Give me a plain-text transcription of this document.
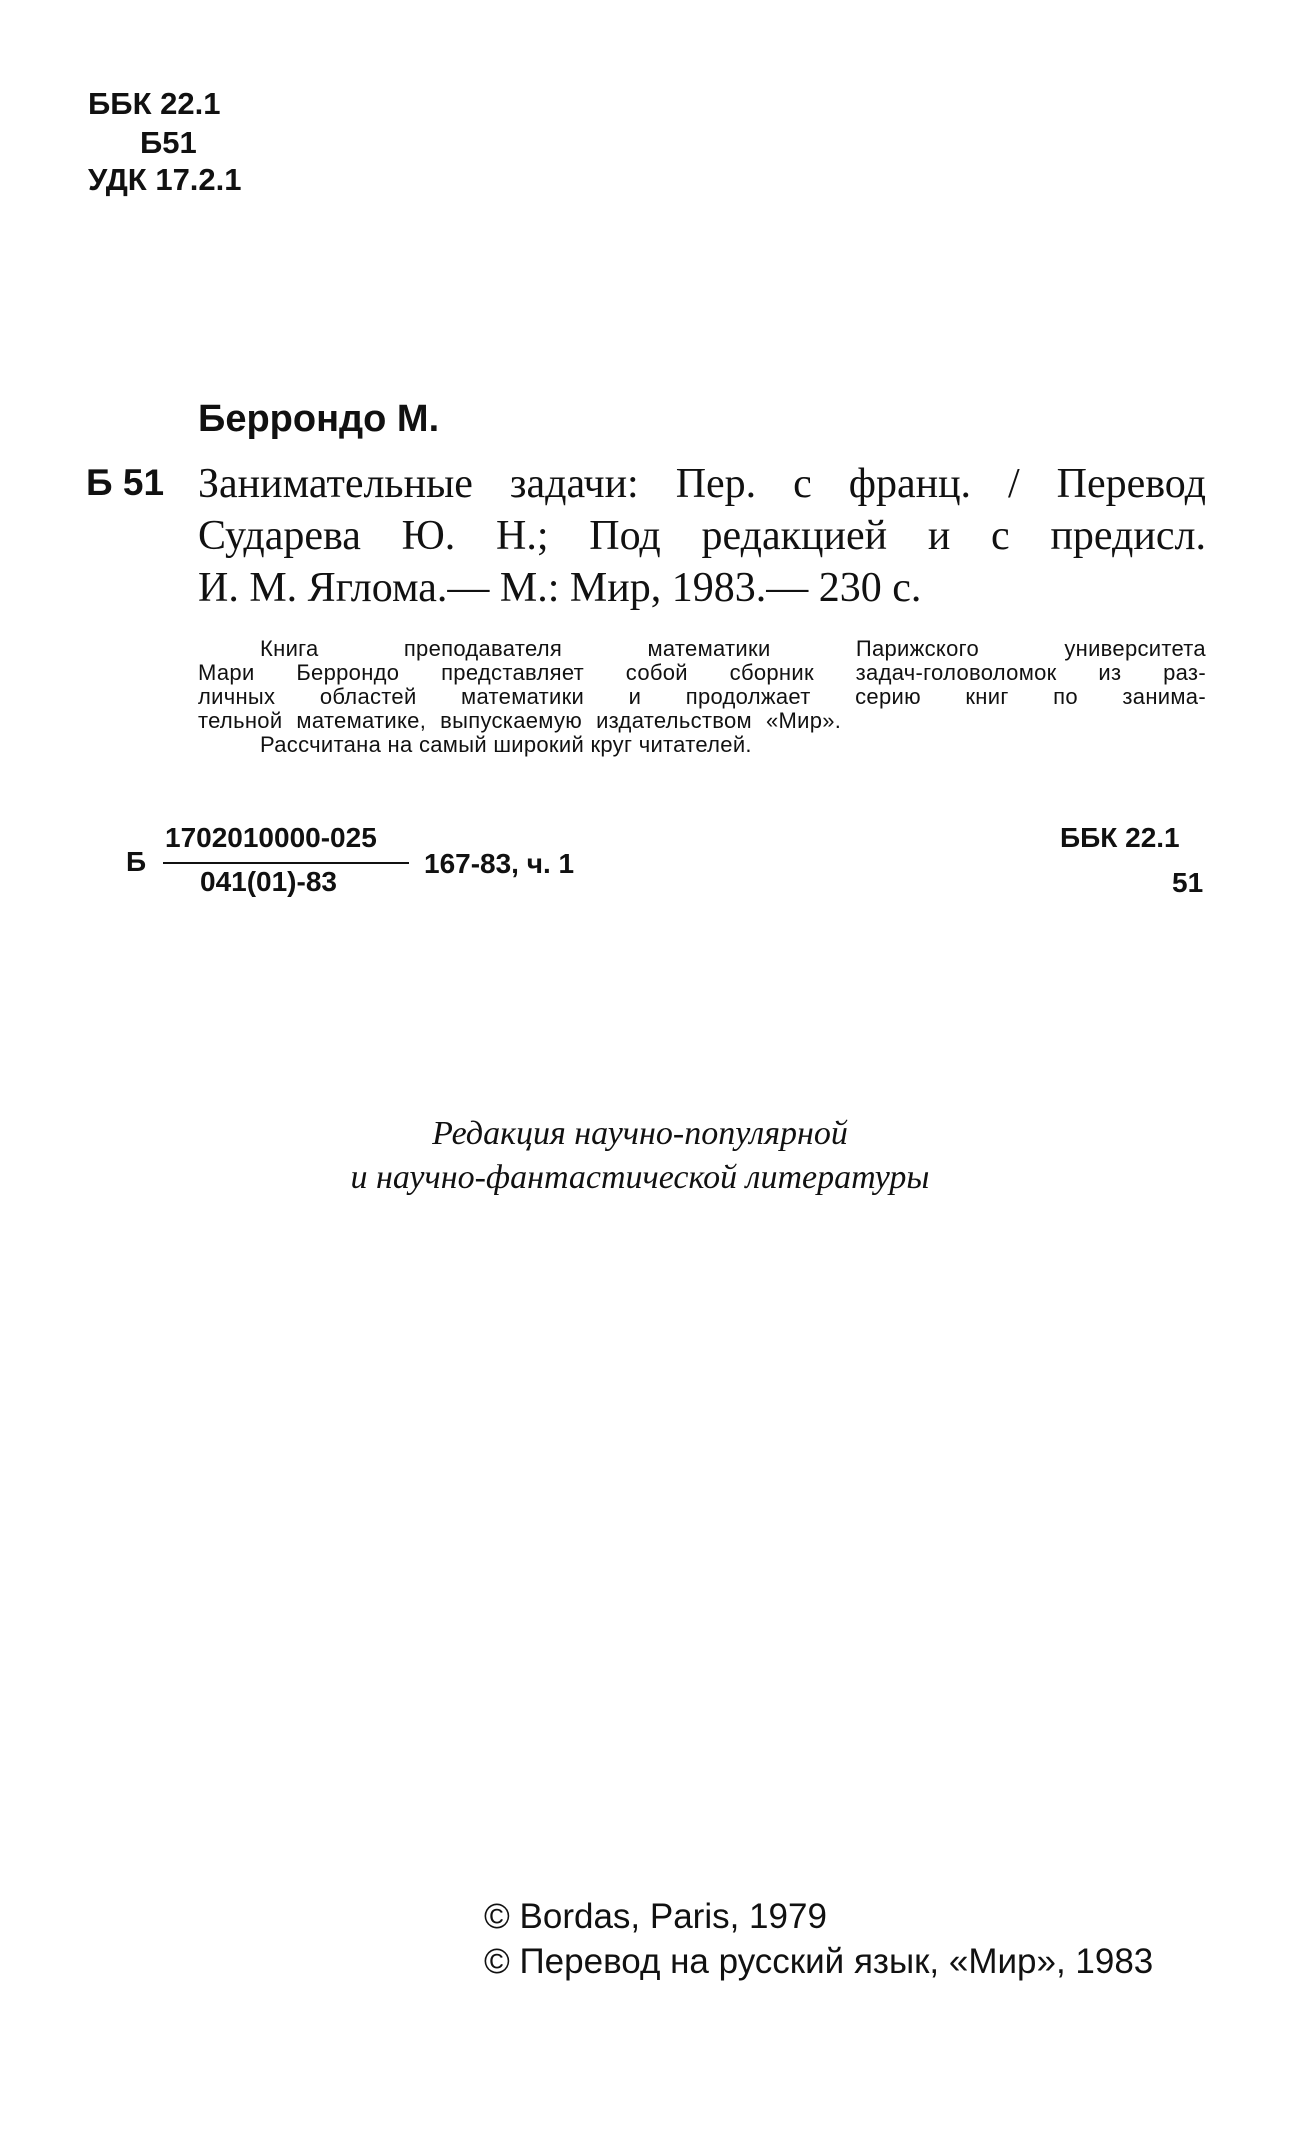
ББК 22.1
Б51
УДК 17.2.1
Беррондо М.
Б 51 Занимательные задачи: Пер. с франц. / Перевод
Сударева Ю. Н.; Под редакцией и с предисл.
И. М. Яглома.— М.: Мир, 1983.— 230 с.
Книга	преподавателя	математики	Парижского	университета
Мари Беррондо представляет собой сборник задач-головоломок из раз-
личных областей математики и продолжает серию книг по занима-
тельной математике, выпускаемую издательством «Мир».
Рассчитана на самый широкий круг читателей.
Б
1702010000-025
041(01)-83
167-83, ч. 1
ББК 22.1
51
Редакция научно-популярной
и научно-фантастической литературы
© Bordas, Paris, 1979
© Перевод на русский язык, «Мир», 1983
